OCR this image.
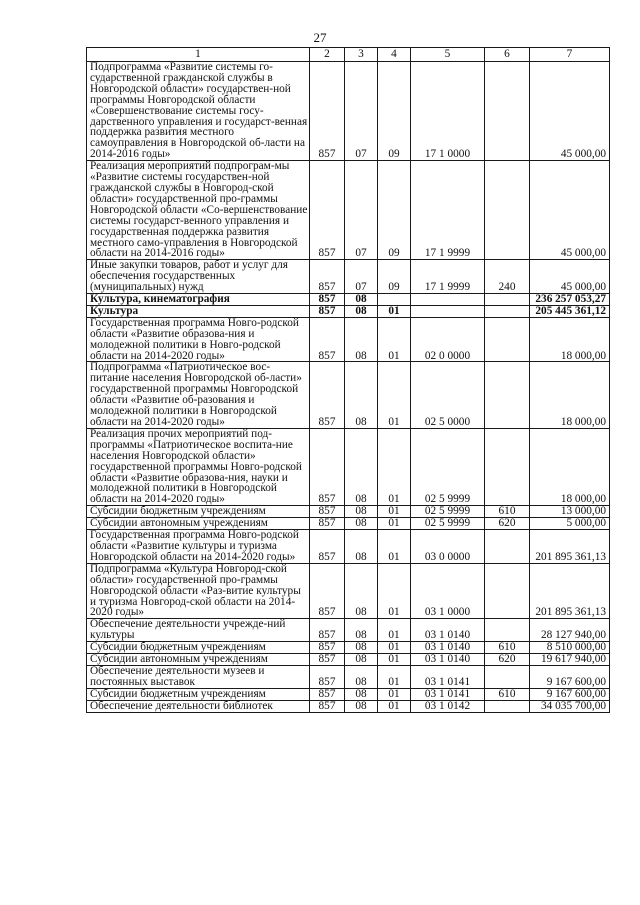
27
1	2	3	4	5	6	7
Подпрограмма «Развитие системы го-сударственной гражданской службы в Новгородской области» государствен-ной программы Новгородской области «Совершенствование системы госу-дарственного управления и государст-венная поддержка развития местного самоуправления в Новгородской об-ласти на 2014-2016 годы»	857	07	09	17 1 0000		45 000,00
Реализация мероприятий подпрограм-мы «Развитие системы государствен-ной гражданской службы в Новгород-ской области» государственной про-граммы Новгородской области «Со-вершенствование системы государст-венного управления и государственная поддержка развития местного само-управления в Новгородской области на 2014-2016 годы»	857	07	09	17 1 9999		45 000,00
Иные закупки товаров, работ и услуг для обеспечения государственных (муниципальных) нужд	857	07	09	17 1 9999	240	45 000,00
Культура, кинематография	857	08				236 257 053,27
Культура	857	08	01			205 445 361,12
Государственная программа Новго-родской области «Развитие образова-ния и молодежной политики в Новго-родской области на 2014-2020 годы»	857	08	01	02 0 0000		18 000,00
Подпрограмма «Патриотическое вос-питание населения Новгородской об-ласти» государственной программы Новгородской области «Развитие об-разования и молодежной политики в Новгородской области на 2014-2020 годы»	857	08	01	02 5 0000		18 000,00
Реализация прочих мероприятий под-программы «Патриотическое воспита-ние населения Новгородской области» государственной программы Новго-родской области «Развитие образова-ния, науки и молодежной политики в Новгородской области на 2014-2020 годы»	857	08	01	02 5 9999		18 000,00
Субсидии бюджетным учреждениям	857	08	01	02 5 9999	610	13 000,00
Субсидии автономным учреждениям	857	08	01	02 5 9999	620	5 000,00
Государственная программа Новго-родской области «Развитие культуры и туризма Новгородской области на 2014-2020 годы»	857	08	01	03 0 0000		201 895 361,13
Подпрограмма «Культура Новгород-ской области» государственной про-граммы Новгородской области «Раз-витие культуры и туризма Новгород-ской области на 2014-2020 годы»	857	08	01	03 1 0000		201 895 361,13
Обеспечение деятельности учрежде-ний культуры	857	08	01	03 1 0140		28 127 940,00
Субсидии бюджетным учреждениям	857	08	01	03 1 0140	610	8 510 000,00
Субсидии автономным учреждениям	857	08	01	03 1 0140	620	19 617 940,00
Обеспечение деятельности музеев и постоянных выставок	857	08	01	03 1 0141		9 167 600,00
Субсидии бюджетным учреждениям	857	08	01	03 1 0141	610	9 167 600,00
Обеспечение деятельности библиотек	857	08	01	03 1 0142		34 035 700,00
